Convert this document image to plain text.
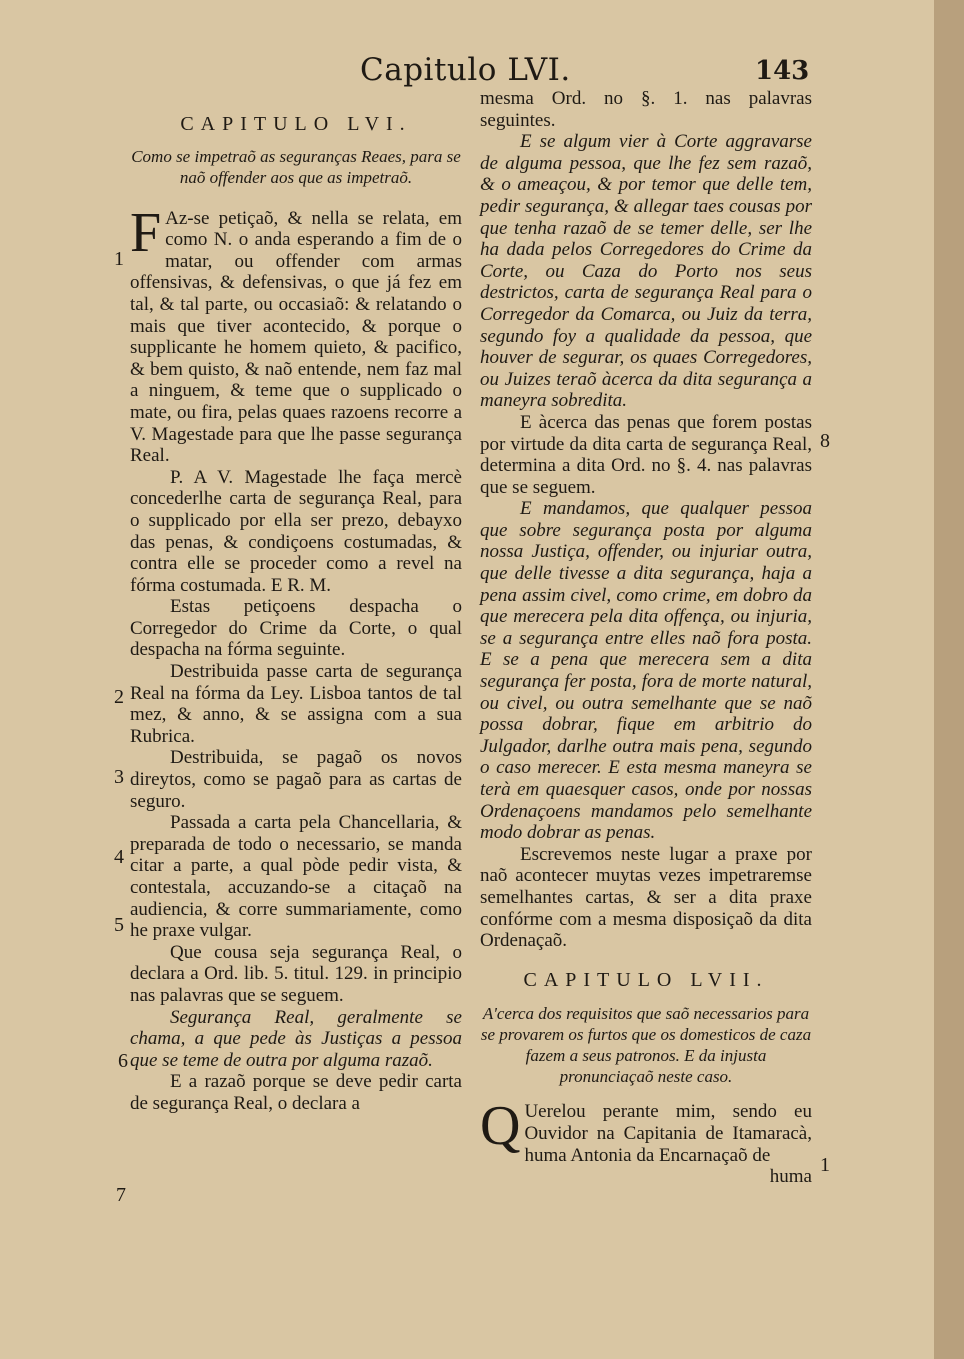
Capitulo LVI.	143

CAPITULO LVI.

Como se impetraõ as seguranças Reaes, para se naõ offender aos que as impetraõ.

F Az-se petiçaõ, & nella se relata, em como N. o anda esperando a fim de o matar, ou offender com armas offensivas, & defensivas, o que já fez em tal, & tal parte, ou occasiaõ: & relatando o mais que tiver acontecido, & porque o supplicante he homem quieto, & pacifico, & bem quisto, & naõ entende, nem faz mal a ninguem, & teme que o supplicado o mate, ou fira, pelas quaes razoens recorre a V. Magestade para que lhe passe segurança Real.

P. A V. Magestade lhe faça mercè concederlhe carta de segurança Real, para o supplicado por ella ser prezo, debayxo das penas, & condiçoens costumadas, & contra elle se proceder como a revel na fórma costumada. E R. M.

Estas petiçoens despacha o Corregedor do Crime da Corte, o qual despacha na fórma seguinte.

Destribuida passe carta de segurança Real na fórma da Ley. Lisboa tantos de tal mez, & anno, & se assigna com a sua Rubrica.

Destribuida, se pagaõ os novos direytos, como se pagaõ para as cartas de seguro.

Passada a carta pela Chancellaria, & preparada de todo o necessario, se manda citar a parte, a qual pòde pedir vista, & contestala, accuzando-se a citaçaõ na audiencia, & corre summariamente, como he praxe vulgar.

Que cousa seja segurança Real, o declara a Ord. lib. 5. titul. 129. in principio nas palavras que se seguem.

Segurança Real, geralmente se chama, a que pede às Justiças a pessoa que se teme de outra por alguma razaõ.

E a razaõ porque se deve pedir carta de segurança Real, o declara a

mesma Ord. no §. 1. nas palavras seguintes.

E se algum vier à Corte aggravarse de alguma pessoa, que lhe fez sem razaõ, & o ameaçou, & por temor que delle tem, pedir segurança, & allegar taes cousas por que tenha razaõ de se temer delle, ser lhe ha dada pelos Corregedores do Crime da Corte, ou Caza do Porto nos seus destrictos, carta de segurança Real para o Corregedor da Comarca, ou Juiz da terra, segundo foy a qualidade da pessoa, que houver de segurar, os quaes Corregedores, ou Juizes teraõ àcerca da dita segurança a maneyra sobredita.

E àcerca das penas que forem postas por virtude da dita carta de segurança Real, determina a dita Ord. no §. 4. nas palavras que se seguem.

E mandamos, que qualquer pessoa que sobre segurança posta por alguma nossa Justiça, offender, ou injuriar outra, que delle tivesse a dita segurança, haja a pena assim civel, como crime, em dobro da que merecera pela dita offença, ou injuria, se a segurança entre elles naõ fora posta. E se a pena que merecera sem a dita segurança fer posta, fora de morte natural, ou civel, ou outra semelhante que se naõ possa dobrar, fique em arbitrio do Julgador, darlhe outra mais pena, segundo o caso merecer. E esta mesma maneyra se terà em quaesquer casos, onde por nossas Ordenaçoens mandamos pelo semelhante modo dobrar as penas.

Escrevemos neste lugar a praxe por naõ acontecer muytas vezes impetraremse semelhantes cartas, & ser a dita praxe confórme com a mesma disposiçaõ da dita Ordenaçaõ.

CAPITULO LVII.

A'cerca dos requisitos que saõ necessarios para se provarem os furtos que os domesticos de caza fazem a seus patronos. E da injusta pronunciaçaõ neste caso.

Q Uerelou perante mim, sendo eu Ouvidor na Capitania de Itamaracà, huma Antonia da Encarnaçaõ de

huma

1
2
3
4
5
6
7
8
1
